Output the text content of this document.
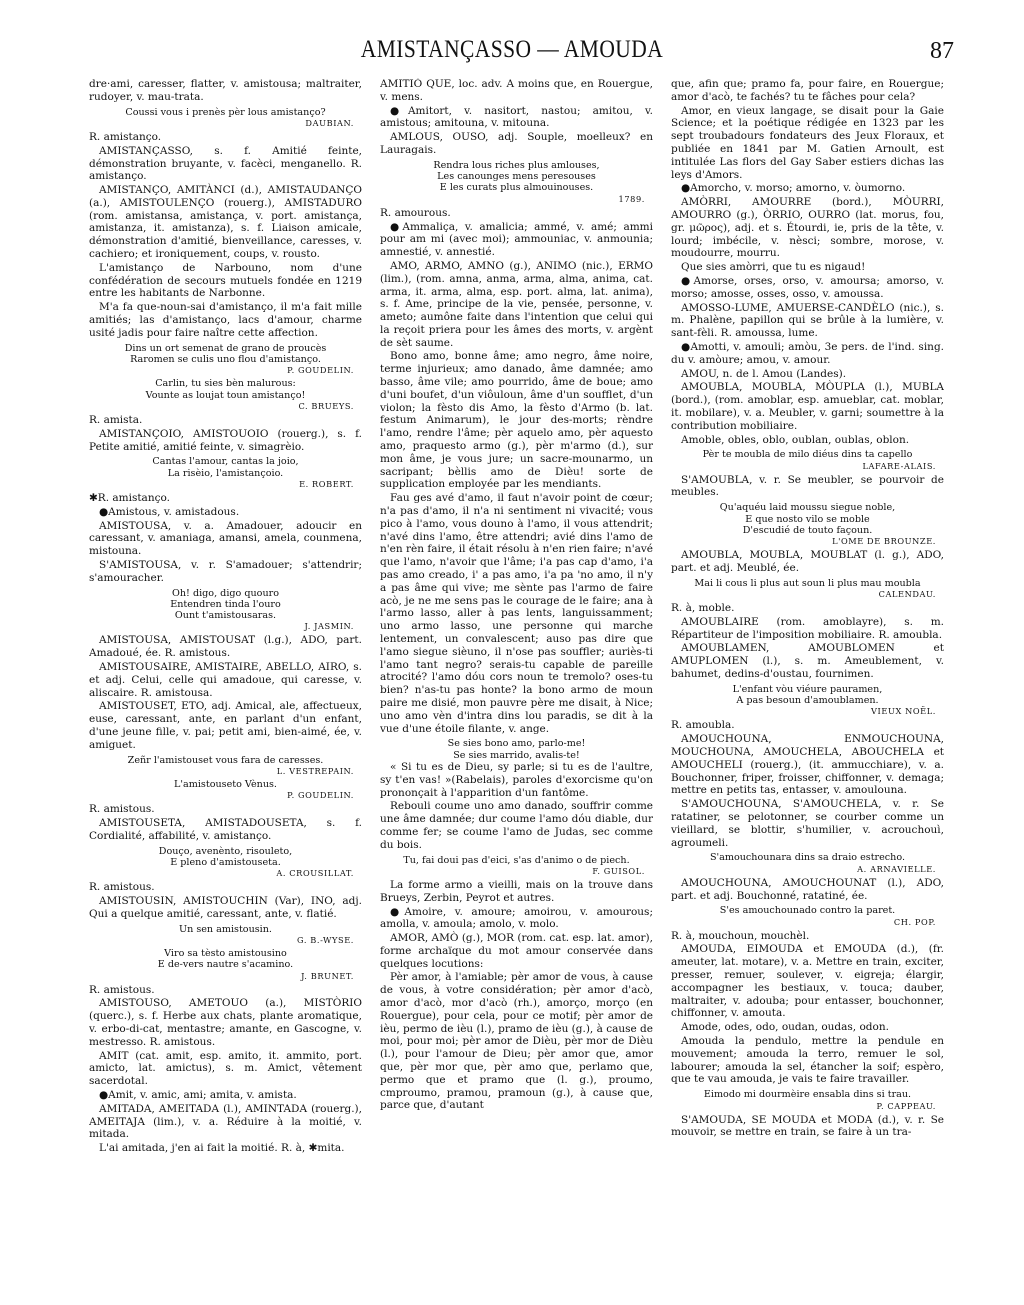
AMISTANÇASSO — AMOUDA	87

dre·ami, caresser, flatter, v. amistousa; maltraiter, rudoyer, v. mau-trata.

Coussi vous i prenès pèr lous amistanço?
DAUBIAN.

R. amistanço.

AMISTANÇASSO, s. f. Amitié feinte, démonstration bruyante, v. facèci, menganello. R. amistanço.

AMISTANÇO, AMITÀNCI (d.), AMISTAUDANÇO (a.), AMISTOULENÇO (rouerg.), AMISTADURO (rom. amistansa, amistança, v. port. amistança, amistanza, it. amistanza), s. f. Liaison amicale, démonstration d'amitié, bienveillance, caresses, v. cachiero; et ironiquement, coups, v. rousto.

L'amistanço de Narbouno, nom d'une confédération de secours mutuels fondée en 1219 entre les habitants de Narbonne.

M'a fa que-noun-sai d'amistanço, il m'a fait mille amitiés; las d'amistanço, lacs d'amour, charme usité jadis pour faire naître cette affection.

Dins un ort semenat de grano de proucès
Raromen se culis uno flou d'amistanço.
P. GOUDELIN.
Carlin, tu sies bèn malurous:
Vounte as loujat toun amistanço!
C. BRUEYS.

R. amista.

AMISTANÇOIO, AMISTOUOIO (rouerg.), s. f. Petite amitié, amitié feinte, v. simagrèio.

Cantas l'amour, cantas la joio,
La risèio, l'amistançoio.
E. ROBERT.

✱R. amistanço.

●Amistous, v. amistadous.

AMISTOUSA, v. a. Amadouer, adoucir en caressant, v. amaniaga, amansi, amela, counmena, mistouna.

S'AMISTOUSA, v. r. S'amadouer; s'attendrir; s'amouracher.

Oh! digo, digo quouro
Entendren tinda l'ouro
Ount t'amistousaras.
J. JASMIN.

AMISTOUSA, AMISTOUSAT (l.g.), ADO, part. Amadoué, ée. R. amistous.

AMISTOUSAIRE, AMISTAIRE, ABELLO, AIRO, s. et adj. Celui, celle qui amadoue, qui caresse, v. aliscaire. R. amistousa.

AMISTOUSET, ETO, adj. Amical, ale, affectueux, euse, caressant, ante, en parlant d'un enfant, d'une jeune fille, v. pai; petit ami, bien-aimé, ée, v. amiguet.

Zeñr l'amistouset vous fara de caresses.
L. VESTREPAIN.
L'amistouseto Vènus.
P. GOUDELIN.

R. amistous.

AMISTOUSETA, AMISTADOUSETA, s. f. Cordialité, affabilité, v. amistanço.

Douço, avenènto, risouleto,
E pleno d'amistouseta.
A. CROUSILLAT.

R. amistous.

AMISTOUSIN, AMISTOUCHIN (Var), INO, adj. Qui a quelque amitié, caressant, ante, v. flatié.

Un sen amistousin.
G. B.-WYSE.
Viro sa tèsto amistousino
E de-vers nautre s'acamino.
J. BRUNET.

R. amistous.

AMISTOUSO, AMETOUO (a.), MISTÒRIO (querc.), s. f. Herbe aux chats, plante aromatique, v. erbo-di-cat, mentastre; amante, en Gascogne, v. mestresso. R. amistous.

AMIT (cat. amit, esp. amito, it. ammito, port. amicto, lat. amictus), s. m. Amict, vêtement sacerdotal.

●Amit, v. amic, ami; amita, v. amista.

AMITADA, AMEITADA (l.), AMINTADA (rouerg.), AMEITAJA (lim.), v. a. Réduire à la moitié, v. mitada.

L'ai amitada, j'en ai fait la moitié. R. à, ✱mita.

AMITIÒ QUE, loc. adv. A moins que, en Rouergue, v. mens.

●Amitort, v. nasitort, nastou; amitou, v. amistous; amitouna, v. mitouna.

AMLOUS, OUSO, adj. Souple, moelleux? en Lauragais.

Rendra lous riches plus amlouses,
Les canounges mens peresouses
E les curats plus almouinouses.
1789.

R. amourous.

●Ammaliça, v. amalicia; ammé, v. amé; ammi pour am mi (avec moi); ammouniac, v. anmounia; amnestié, v. annestié.

AMO, ARMO, AMNO (g.), ANIMO (nic.), ERMO (lim.), (rom. amna, anma, arma, alma, anima, cat. arma, it. arma, alma, esp. port. alma, lat. anima), s. f. Ame, principe de la vie, pensée, personne, v. ameto; aumône faite dans l'intention que celui qui la reçoit priera pour les âmes des morts, v. argènt de sèt saume.

Bono amo, bonne âme; amo negro, âme noire, terme injurieux; amo danado, âme damnée; amo basso, âme vile; amo pourrido, âme de boue; amo d'uni boufet, d'un viôuloun, âme d'un soufflet, d'un violon; la fèsto dis Amo, la fèsto d'Armo (b. lat. festum Animarum), le jour des-morts; rèndre l'amo, rendre l'âme; pèr aquelo amo, pèr aquesto amo, praquesto armo (g.), pèr m'armo (d.), sur mon âme, je vous jure; un sacre-mounarmo, un sacripant; bèllis amo de Dièu! sorte de supplication employée par les mendiants.

Fau ges avé d'amo, il faut n'avoir point de cœur; n'a pas d'amo, il n'a ni sentiment ni vivacité; vous pico à l'amo, vous douno à l'amo, il vous attendrit; n'avé dins l'amo, être attendri; avié dins l'amo de n'en rèn faire, il était résolu à n'en rien faire; n'avé que l'amo, n'avoir que l'âme; i'a pas cap d'amo, i'a pas amo creado, i' a pas amo, i'a pa 'no amo, il n'y a pas âme qui vive; me sènte pas l'armo de faire acò, je ne me sens pas le courage de le faire; ana à l'armo lasso, aller à pas lents, languissamment; uno armo lasso, une personne qui marche lentement, un convalescent; auso pas dire que l'amo siegue sièuno, il n'ose pas souffler; auriès-ti l'amo tant negro? serais-tu capable de pareille atrocité? l'amo dóu cors noun te tremolo? oses-tu bien? n'as-tu pas honte? la bono armo de moun paire me disié, mon pauvre père me disait, à Nice; uno amo vèn d'intra dins lou paradis, se dit à la vue d'une étoile filante, v. ange.

Se sies bono amo, parlo-me!
Se sies marrido, avalis-te!

« Si tu es de Dieu, sy parle; si tu es de l'aultre, sy t'en vas! »(Rabelais), paroles d'exorcisme qu'on prononçait à l'apparition d'un fantôme.

Rebouli coume uno amo danado, souffrir comme une âme damnée; dur coume l'amo dóu diable, dur comme fer; se coume l'amo de Judas, sec comme du bois.

Tu, fai doui pas d'eici, s'as d'animo o de piech.
F. GUISOL.

La forme armo a vieilli, mais on la trouve dans Brueys, Zerbin, Peyrot et autres.

●Amoire, v. amoure; amoirou, v. amourous; amolla, v. amoula; amolo, v. molo.

AMOR, AMÒ (g.), MOR (rom. cat. esp. lat. amor), forme archaïque du mot amour conservée dans quelques locutions:

Pèr amor, à l'amiable; pèr amor de vous, à cause de vous, à votre considération; pèr amor d'acò, amor d'acò, mor d'acò (rh.), amorço, morço (en Rouergue), pour cela, pour ce motif; pèr amor de ièu, permo de ièu (l.), pramo de ièu (g.), à cause de moi, pour moi; pèr amor de Dièu, pèr mor de Dièu (l.), pour l'amour de Dieu; pèr amor que, amor que, pèr mor que, pèr amo que, perlamo que, permo que et pramo que (l. g.), proumo, cmproumo, pramou, pramoun (g.), à cause que, parce que, d'autant

que, afin que; pramo fa, pour faire, en Rouergue; amor d'acò, te fachés? tu te fâches pour cela?

Amor, en vieux langage, se disait pour la Gaie Science; et la poétique rédigée en 1323 par les sept troubadours fondateurs des Jeux Floraux, et publiée en 1841 par M. Gatien Arnoult, est intitulée Las flors del Gay Saber estiers dichas las leys d'Amors.

●Amorcho, v. morso; amorno, v. òumorno.

AMÒRRI, AMOURRE (bord.), MÒURRI, AMOURRO (g.), ÒRRIO, OURRO (lat. morus, fou, gr. μῶρος), adj. et s. Étourdi, ie, pris de la tête, v. lourd; imbécile, v. nèsci; sombre, morose, v. moudourre, mourru.

Que sies amòrri, que tu es nigaud!

●Amorse, orses, orso, v. amoursa; amorso, v. morso; amosse, osses, osso, v. amoussa.

AMOSSO-LUME, AMUERSE-CANDÈLO (nic.), s. m. Phalène, papillon qui se brûle à la lumière, v. sant-fèli. R. amoussa, lume.

●Amotti, v. amouli; amòu, 3e pers. de l'ind. sing. du v. amòure; amou, v. amour.

AMOU, n. de l. Amou (Landes).

AMOUBLA, MOUBLA, MÒUPLA (l.), MUBLA (bord.), (rom. amoblar, esp. amueblar, cat. moblar, it. mobilare), v. a. Meubler, v. garni; soumettre à la contribution mobiliaire.

Amoble, obles, oblo, oublan, oublas, oblon.

Pèr te moubla de milo diéus dins ta capello
LAFARE-ALAIS.

S'AMOUBLA, v. r. Se meubler, se pourvoir de meubles.

Qu'aquéu laid moussu siegue noble,
E que nosto vilo se moble
D'escudié de touto façoun.
L'OME DE BROUNZE.

AMOUBLA, MOUBLA, MOUBLAT (l. g.), ADO, part. et adj. Meublé, ée.

Mai li cous li plus aut soun li plus mau moubla
CALENDAU.

R. à, moble.

AMOUBLAIRE (rom. amoblayre), s. m. Répartiteur de l'imposition mobiliaire. R. amoubla.

AMOUBLAMEN, AMOUBLOMEN et AMUPLOMEN (l.), s. m. Ameublement, v. bahumet, dedins-d'oustau, fournimen.

L'enfant vòu viéure pauramen,
A pas besoun d'amoublamen.
VIEUX NOËL.

R. amoubla.

AMOUCHOUNA, ENMOUCHOUNA, MOUCHOUNA, AMOUCHELA, ABOUCHELA et AMOUCHELI (rouerg.), (it. ammucchiare), v. a. Bouchonner, friper, froisser, chiffonner, v. demaga; mettre en petits tas, entasser, v. amoulouna.

S'AMOUCHOUNA, S'AMOUCHELA, v. r. Se ratatiner, se pelotonner, se courber comme un vieillard, se blottir, s'humilier, v. acrouchouì, agroumeli.

S'amouchounara dins sa draio estrecho.
A. ARNAVIELLE.

AMOUCHOUNA, AMOUCHOUNAT (l.), ADO, part. et adj. Bouchonné, ratatiné, ée.

S'es amouchounado contro la paret.
CH. POP.

R. à, mouchoun, mouchèl.

AMOUDA, EIMOUDA et EMOUDA (d.), (fr. ameuter, lat. motare), v. a. Mettre en train, exciter, presser, remuer, soulever, v. eigreja; élargir, accompagner les bestiaux, v. touca; dauber, maltraiter, v. adouba; pour entasser, bouchonner, chiffonner, v. amouta.

Amode, odes, odo, oudan, oudas, odon.

Amouda la pendulo, mettre la pendule en mouvement; amouda la terro, remuer le sol, labourer; amouda la sel, étancher la soif; espèro, que te vau amouda, je vais te faire travailler.

Eimodo mi dourmèire ensabla dins si trau.
P. CAPPEAU.

S'AMOUDA, SE MOUDA et MODA (d.), v. r. Se mouvoir, se mettre en train, se faire à un tra-
